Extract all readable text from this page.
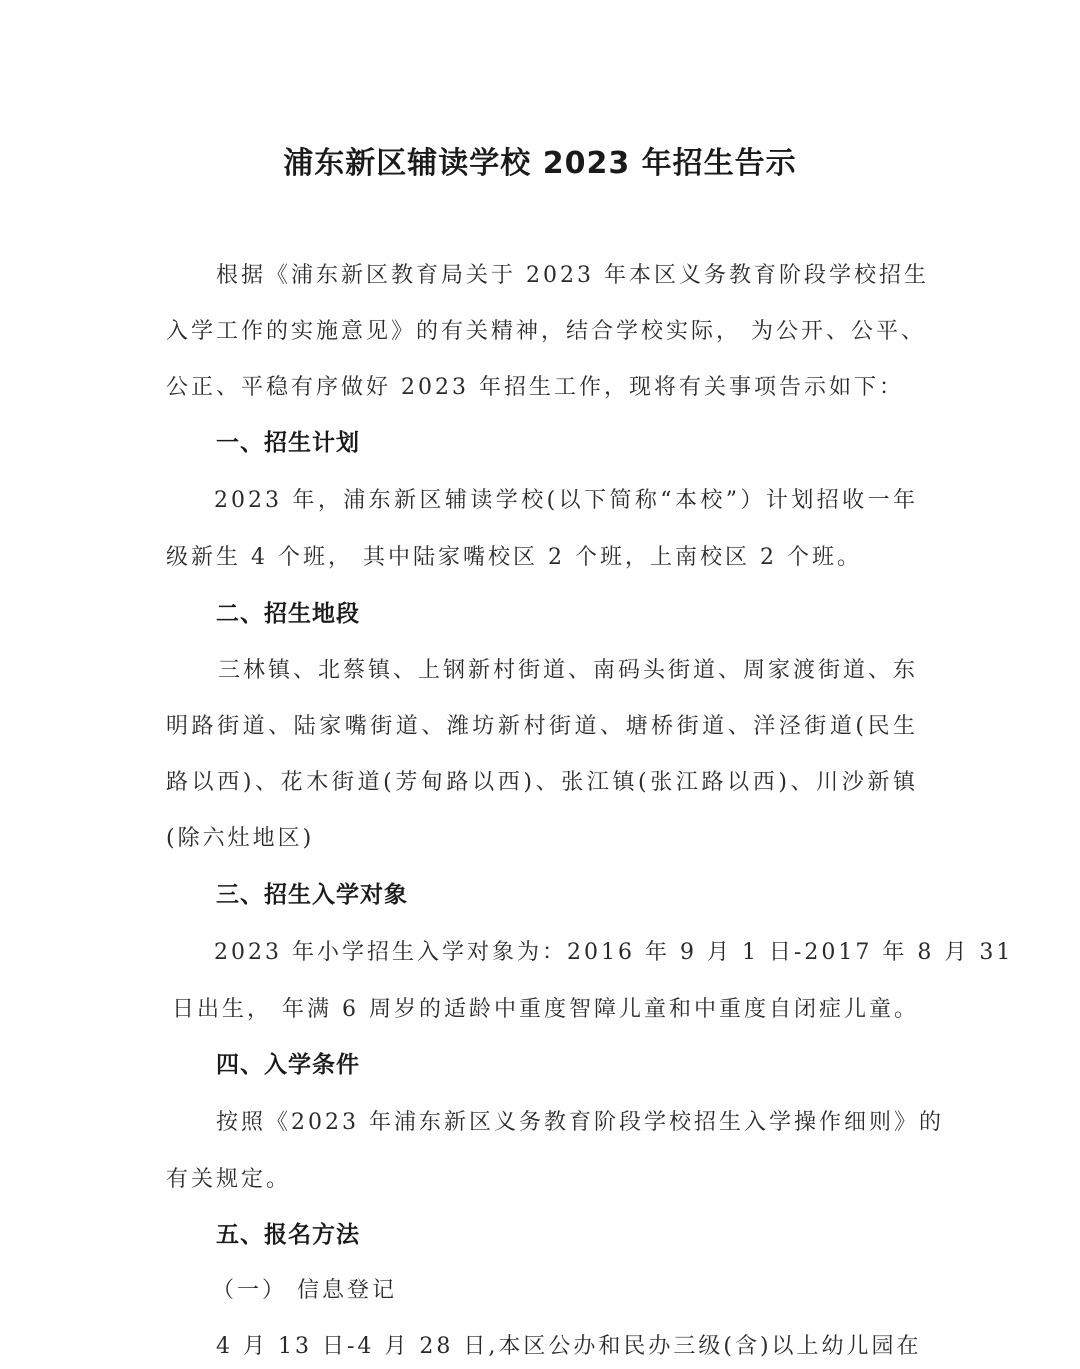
浦东新区辅读学校 2023 年招生告示
根据《浦东新区教育局关于 2023 年本区义务教育阶段学校招生
入学工作的实施意见》的有关精神，结合学校实际， 为公开、公平、
公正、平稳有序做好 2023 年招生工作，现将有关事项告示如下：
一、招生计划
2023 年，浦东新区辅读学校(以下简称“本校”）计划招收一年
级新生 4 个班， 其中陆家嘴校区 2 个班，上南校区 2 个班。
二、招生地段
三林镇、北蔡镇、上钢新村街道、南码头街道、周家渡街道、东
明路街道、陆家嘴街道、潍坊新村街道、塘桥街道、洋泾街道(民生
路以西)、花木街道(芳甸路以西)、张江镇(张江路以西)、川沙新镇
(除六灶地区)
三、招生入学对象
2023 年小学招生入学对象为：2016 年 9 月 1 日-2017 年 8 月 31
日出生， 年满 6 周岁的适龄中重度智障儿童和中重度自闭症儿童。
四、入学条件
按照《2023 年浦东新区义务教育阶段学校招生入学操作细则》的
有关规定。
五、报名方法
（一） 信息登记
4 月 13 日-4 月 28 日,本区公办和民办三级(含)以上幼儿园在
